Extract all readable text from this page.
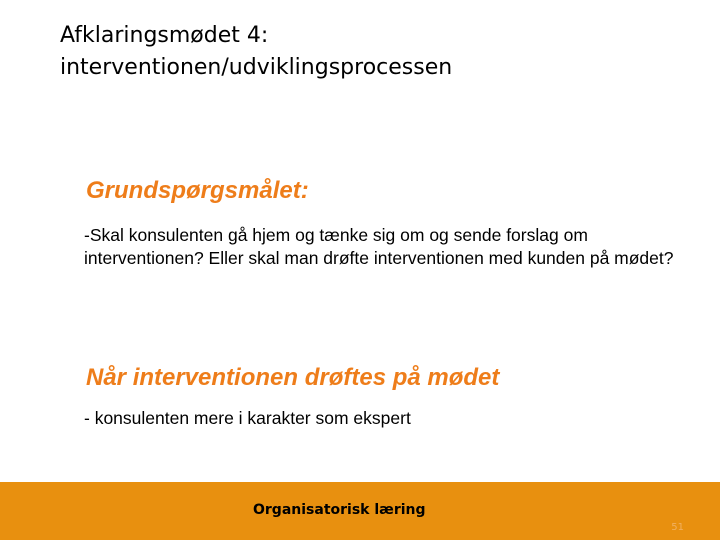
Afklaringsmødet 4:
interventionen/udviklingsprocessen
Grundspørgsmålet:

-Skal konsulenten gå hjem og tænke sig om og sende forslag om interventionen? Eller skal man drøfte interventionen med kunden på mødet?

Når interventionen drøftes på mødet

- konsulenten mere i karakter som ekspert

Organisatorisk læring
51
